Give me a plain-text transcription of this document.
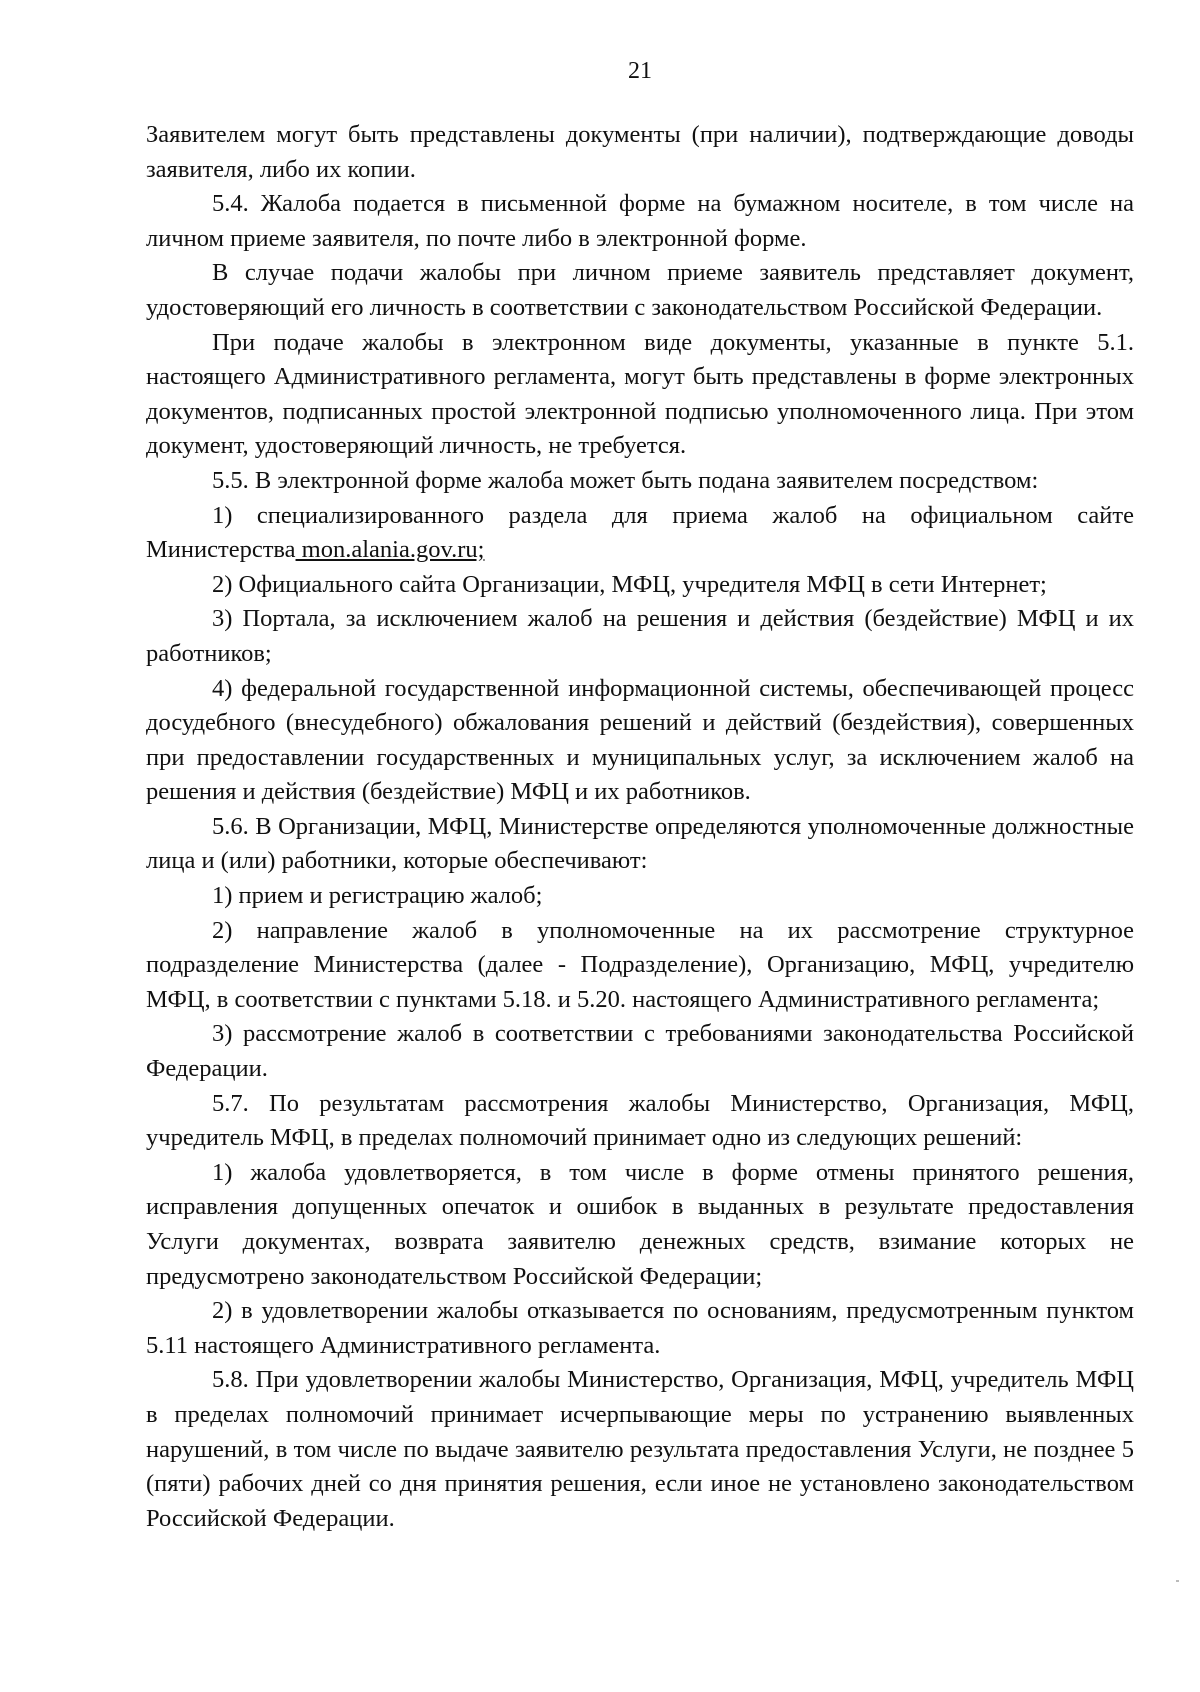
21

Заявителем могут быть представлены документы (при наличии), подтверждающие доводы заявителя, либо их копии.

5.4. Жалоба подается в письменной форме на бумажном носителе, в том числе на личном приеме заявителя, по почте либо в электронной форме.

В случае подачи жалобы при личном приеме заявитель представляет документ, удостоверяющий его личность в соответствии с законодательством Российской Федерации.

При подаче жалобы в электронном виде документы, указанные в пункте 5.1. настоящего Административного регламента, могут быть представлены в форме электронных документов, подписанных простой электронной подписью уполномоченного лица. При этом документ, удостоверяющий личность, не требуется.

5.5. В электронной форме жалоба может быть подана заявителем посредством:

1) специализированного раздела для приема жалоб на официальном сайте Министерства mon.alania.gov.ru;

2) Официального сайта Организации, МФЦ, учредителя МФЦ в сети Интернет;

3) Портала, за исключением жалоб на решения и действия (бездействие) МФЦ и их работников;

4) федеральной государственной информационной системы, обеспечивающей процесс досудебного (внесудебного) обжалования решений и действий (бездействия), совершенных при предоставлении государственных и муниципальных услуг, за исключением жалоб на решения и действия (бездействие) МФЦ и их работников.

5.6. В Организации, МФЦ, Министерстве определяются уполномоченные должностные лица и (или) работники, которые обеспечивают:

1) прием и регистрацию жалоб;

2) направление жалоб в уполномоченные на их рассмотрение структурное подразделение Министерства (далее - Подразделение), Организацию, МФЦ, учредителю МФЦ, в соответствии с пунктами 5.18. и 5.20. настоящего Административного регламента;

3) рассмотрение жалоб в соответствии с требованиями законодательства Российской Федерации.

5.7. По результатам рассмотрения жалобы Министерство, Организация, МФЦ, учредитель МФЦ, в пределах полномочий принимает одно из следующих решений:

1) жалоба удовлетворяется, в том числе в форме отмены принятого решения, исправления допущенных опечаток и ошибок в выданных в результате предоставления Услуги документах, возврата заявителю денежных средств, взимание которых не предусмотрено законодательством Российской Федерации;

2) в удовлетворении жалобы отказывается по основаниям, предусмотренным пунктом 5.11 настоящего Административного регламента.

5.8. При удовлетворении жалобы Министерство, Организация, МФЦ, учредитель МФЦ в пределах полномочий принимает исчерпывающие меры по устранению выявленных нарушений, в том числе по выдаче заявителю результата предоставления Услуги, не позднее 5 (пяти) рабочих дней со дня принятия решения, если иное не установлено законодательством Российской Федерации.
